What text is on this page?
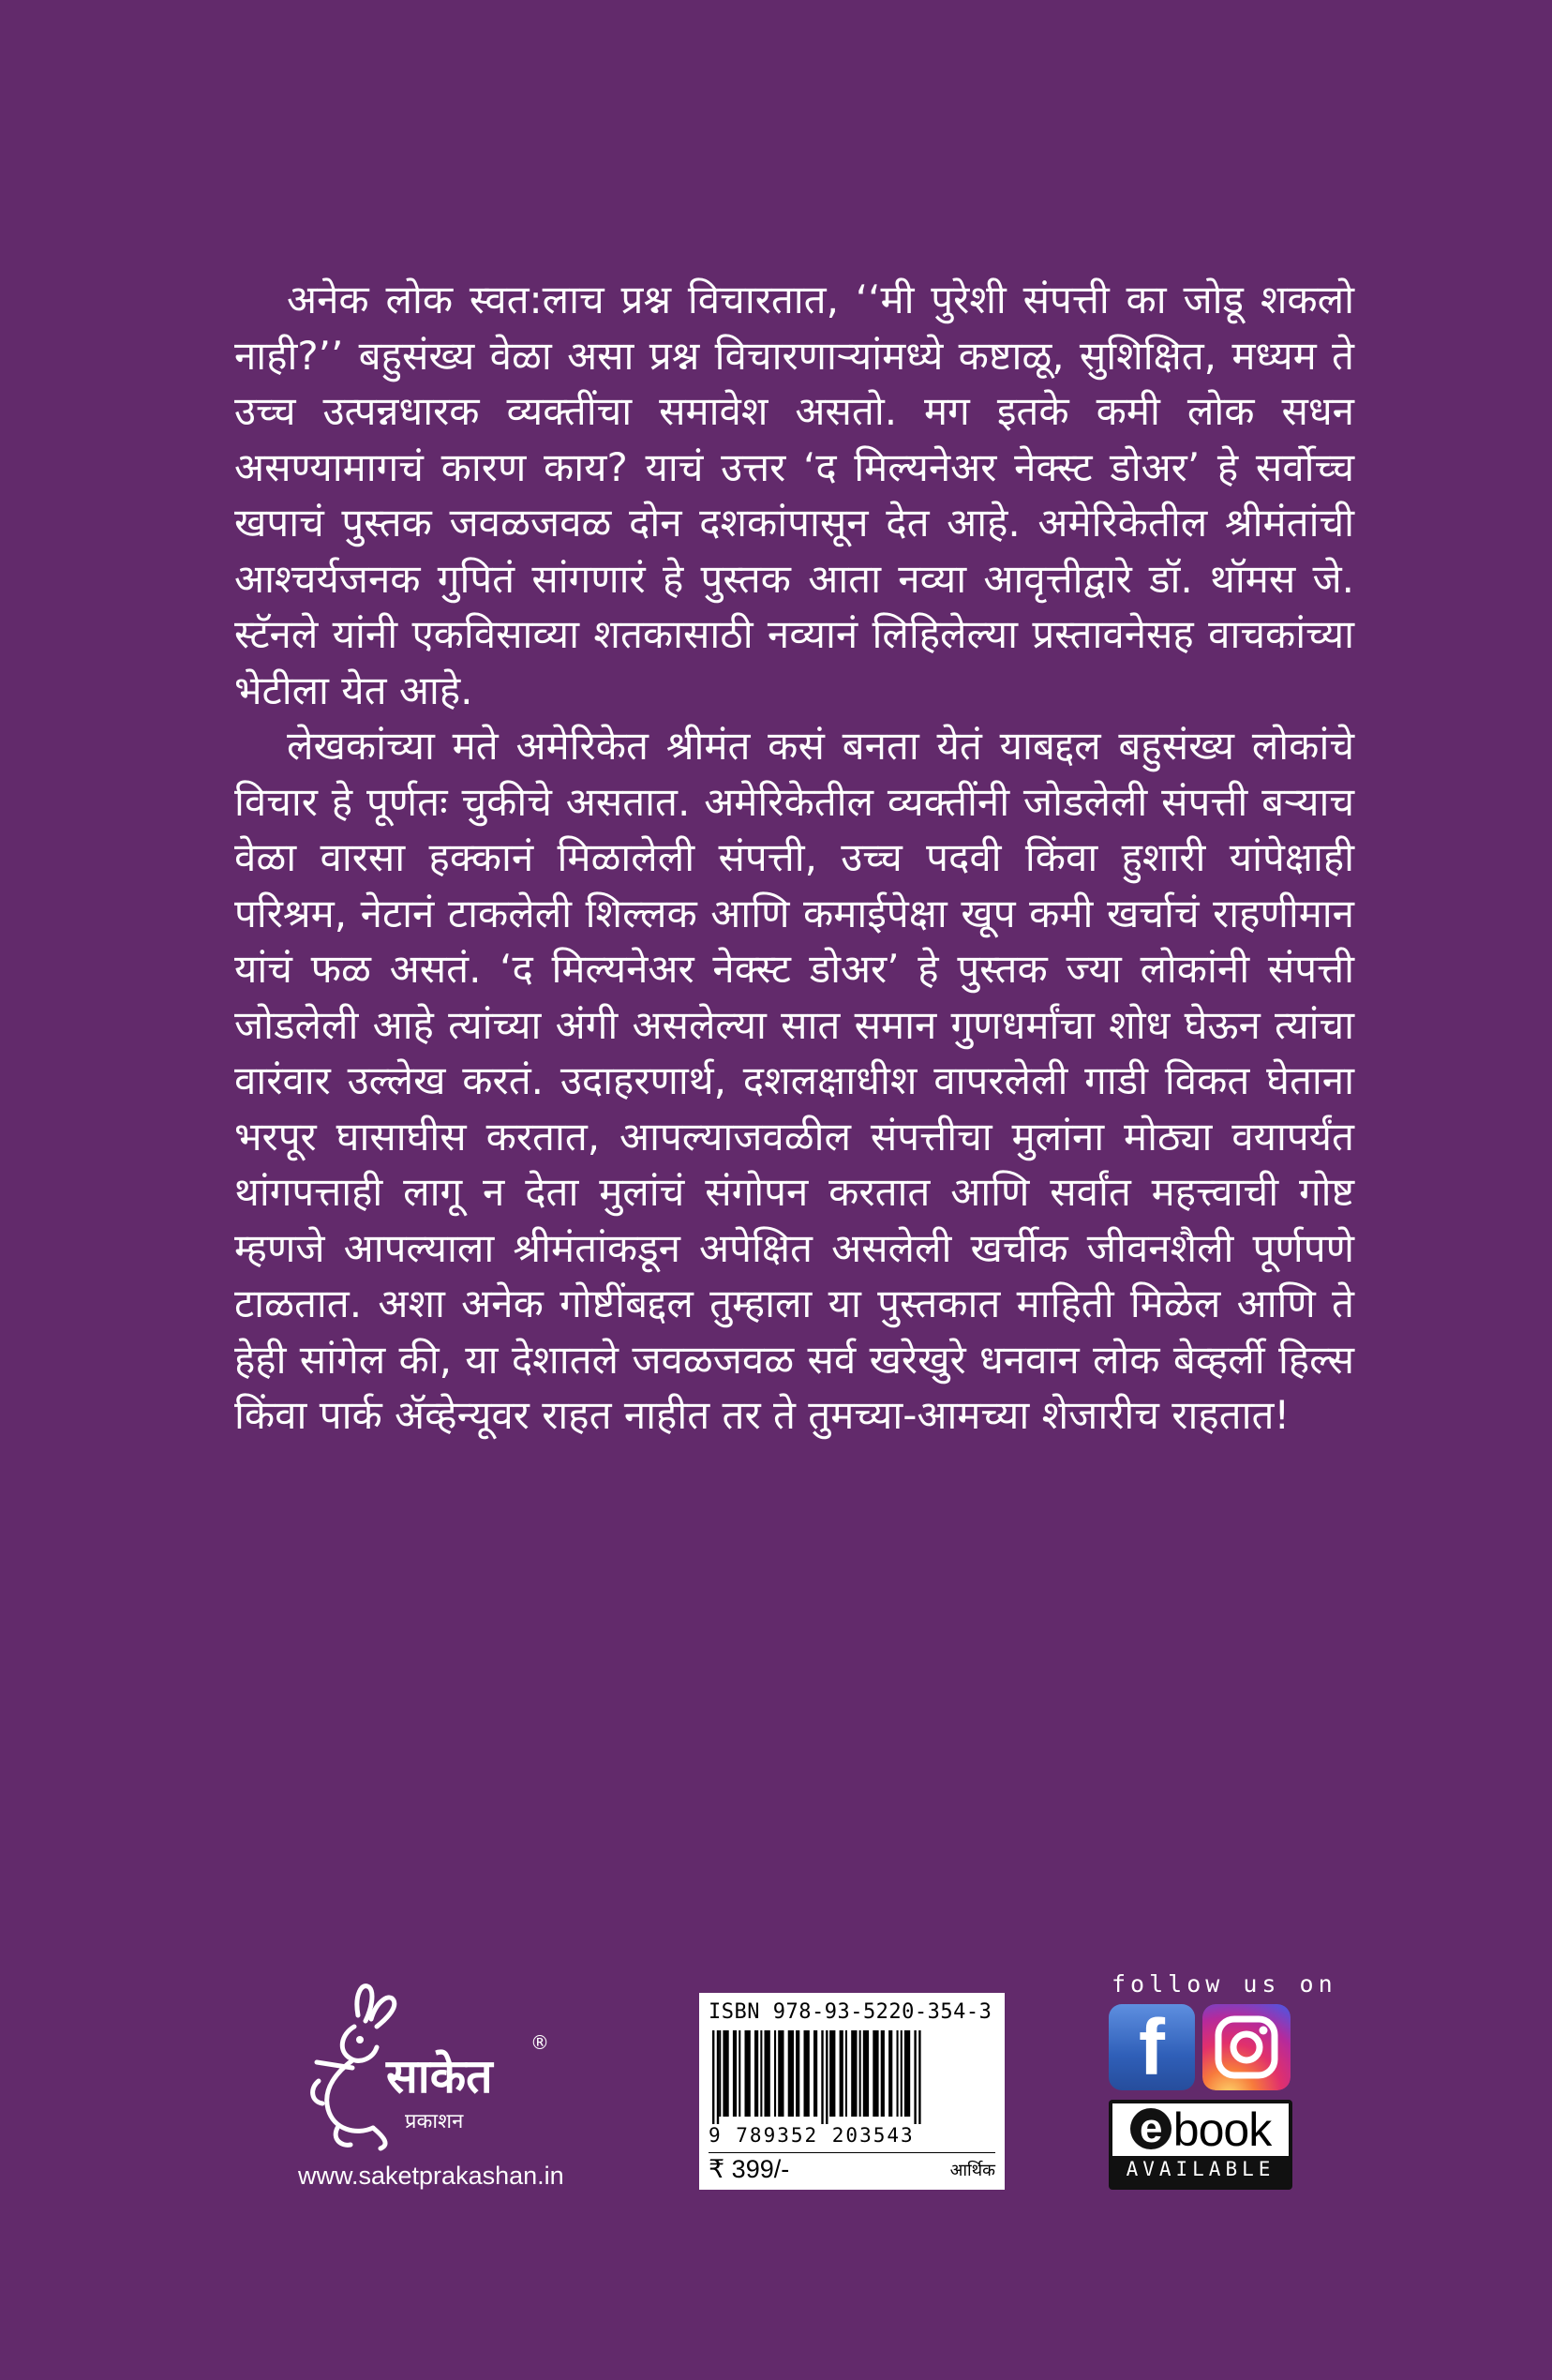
अनेक लोक स्वत:लाच प्रश्न विचारतात, ‘‘मी पुरेशी संपत्ती का जोडू शकलो नाही?’’ बहुसंख्य वेळा असा प्रश्न विचारणाऱ्यांमध्ये कष्टाळू, सुशिक्षित, मध्यम ते उच्च उत्पन्नधारक व्यक्तींचा समावेश असतो. मग इतके कमी लोक सधन असण्यामागचं कारण काय? याचं उत्तर ‘द मिल्यनेअर नेक्स्ट डोअर’ हे सर्वोच्च खपाचं पुस्तक जवळजवळ दोन दशकांपासून देत आहे. अमेरिकेतील श्रीमंतांची आश्चर्यजनक गुपितं सांगणारं हे पुस्तक आता नव्या आवृत्तीद्वारे डॉ. थॉमस जे. स्टॅनले यांनी एकविसाव्या शतकासाठी नव्यानं लिहिलेल्या प्रस्तावनेसह वाचकांच्या भेटीला येत आहे.

लेखकांच्या मते अमेरिकेत श्रीमंत कसं बनता येतं याबद्दल बहुसंख्य लोकांचे विचार हे पूर्णतः चुकीचे असतात. अमेरिकेतील व्यक्तींनी जोडलेली संपत्ती बऱ्याच वेळा वारसा हक्कानं मिळालेली संपत्ती, उच्च पदवी किंवा हुशारी यांपेक्षाही परिश्रम, नेटानं टाकलेली शिल्लक आणि कमाईपेक्षा खूप कमी खर्चाचं राहणीमान यांचं फळ असतं. ‘द मिल्यनेअर नेक्स्ट डोअर’ हे पुस्तक ज्या लोकांनी संपत्ती जोडलेली आहे त्यांच्या अंगी असलेल्या सात समान गुणधर्मांचा शोध घेऊन त्यांचा वारंवार उल्लेख करतं. उदाहरणार्थ, दशलक्षाधीश वापरलेली गाडी विकत घेताना भरपूर घासाघीस करतात, आपल्याजवळील संपत्तीचा मुलांना मोठ्या वयापर्यंत थांगपत्ताही लागू न देता मुलांचं संगोपन करतात आणि सर्वांत महत्त्वाची गोष्ट म्हणजे आपल्याला श्रीमंतांकडून अपेक्षित असलेली खर्चीक जीवनशैली पूर्णपणे टाळतात. अशा अनेक गोष्टींबद्दल तुम्हाला या पुस्तकात माहिती मिळेल आणि ते हेही सांगेल की, या देशातले जवळजवळ सर्व खरेखुरे धनवान लोक बेव्हर्ली हिल्स किंवा पार्क ॲव्हेन्यूवर राहत नाहीत तर ते तुमच्या-आमच्या शेजारीच राहतात!

साकेत
प्रकाशन
®
www.saketprakashan.in
ISBN 978-93-5220-354-3
9 789352 203543
₹ 399/-	आर्थिक
follow us on
f
e book
AVAILABLE
